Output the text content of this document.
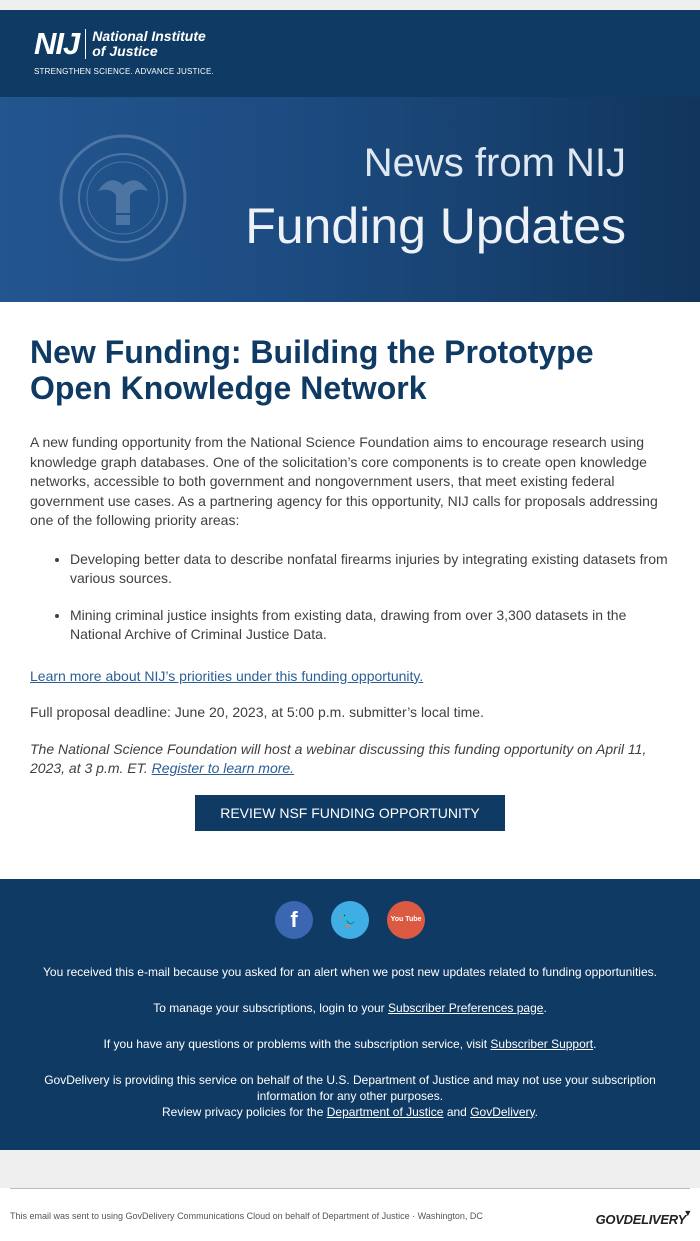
NIJ National Institute
of Justice
STRENGTHEN SCIENCE. ADVANCE JUSTICE.
News from NIJ
Funding Updates
New Funding: Building the Prototype Open Knowledge Network

A new funding opportunity from the National Science Foundation aims to encourage research using knowledge graph databases. One of the solicitation’s core components is to create open knowledge networks, accessible to both government and nongovernment users, that meet existing federal government use cases. As a partnering agency for this opportunity, NIJ calls for proposals addressing one of the following priority areas:

• Developing better data to describe nonfatal firearms injuries by integrating existing datasets from various sources.
• Mining criminal justice insights from existing data, drawing from over 3,300 datasets in the National Archive of Criminal Justice Data.

Learn more about NIJ’s priorities under this funding opportunity.

Full proposal deadline: June 20, 2023, at 5:00 p.m. submitter’s local time.

The National Science Foundation will host a webinar discussing this funding opportunity on April 11, 2023, at 3 p.m. ET. Register to learn more.

REVIEW NSF FUNDING OPPORTUNITY
f	🐦	You Tube

You received this e-mail because you asked for an alert when we post new updates related to funding opportunities.

To manage your subscriptions, login to your Subscriber Preferences page.

If you have any questions or problems with the subscription service, visit Subscriber Support.

GovDelivery is providing this service on behalf of the U.S. Department of Justice and may not use your subscription information for any other purposes.
Review privacy policies for the Department of Justice and GovDelivery.

This email was sent to using GovDelivery Communications Cloud on behalf of Department of Justice · Washington, DC	GOVDELIVERY
▼
